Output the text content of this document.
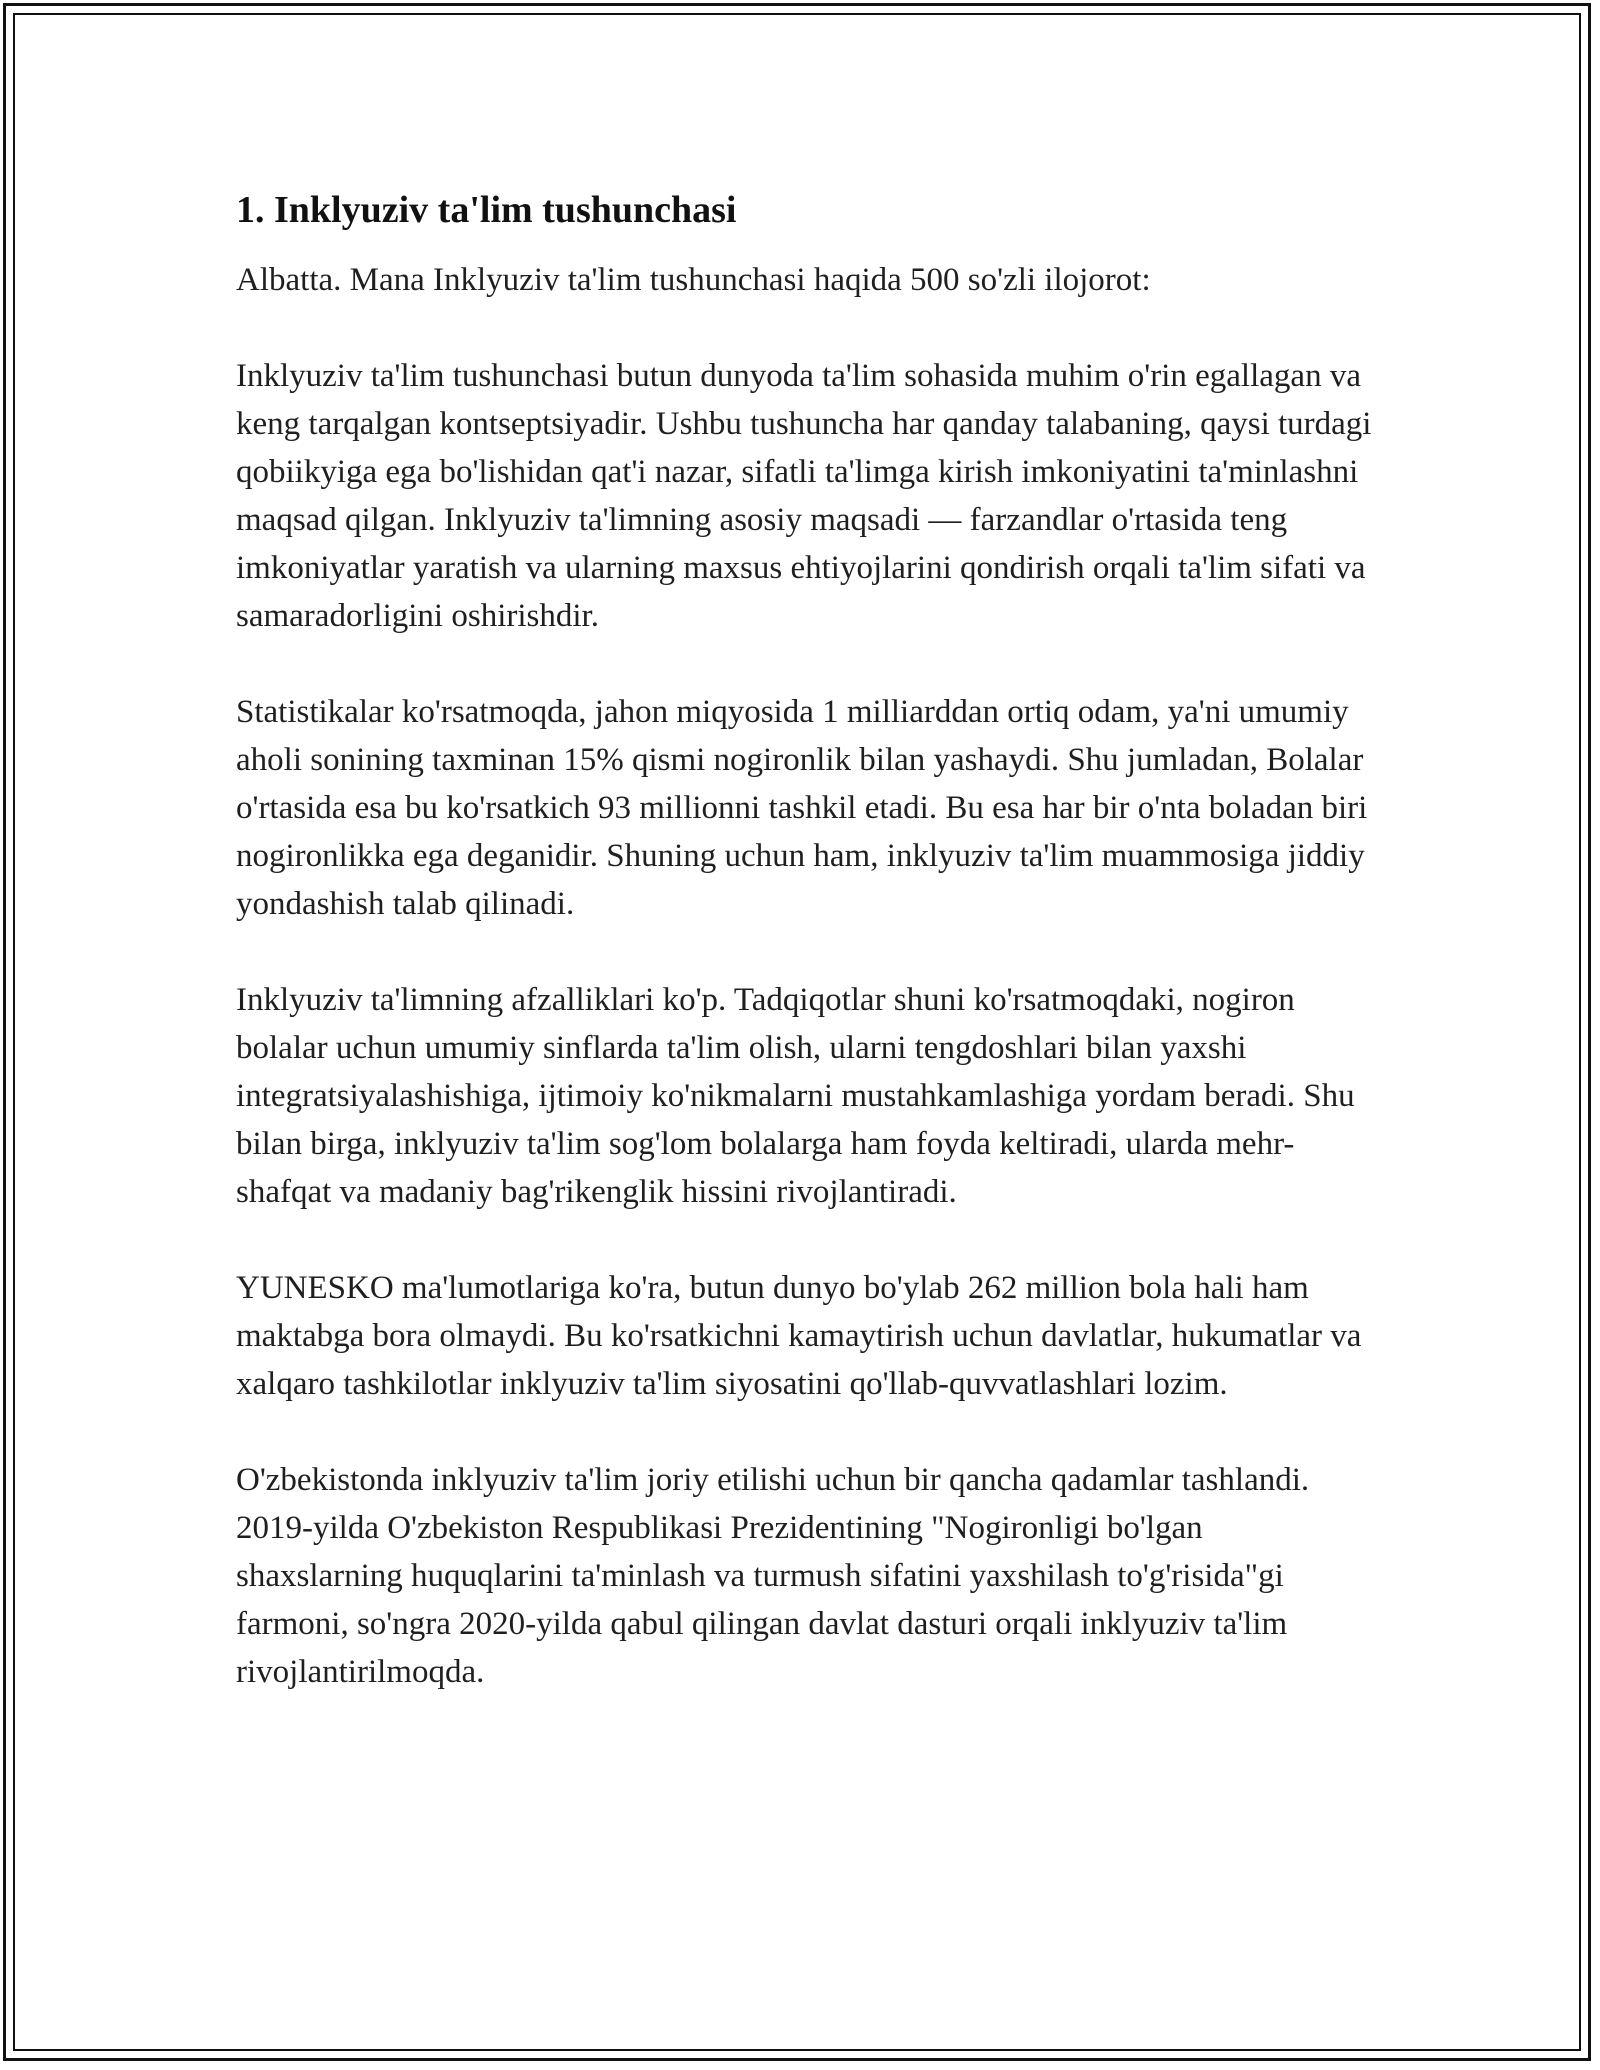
1. Inklyuziv ta'lim tushunchasi

Albatta. Mana Inklyuziv ta'lim tushunchasi haqida 500 so'zli ilojorot:

Inklyuziv ta'lim tushunchasi butun dunyoda ta'lim sohasida muhim o'rin egallagan va keng tarqalgan kontseptsiyadir. Ushbu tushuncha har qanday talabaning, qaysi turdagi qobiikyiga ega bo'lishidan qat'i nazar, sifatli ta'limga kirish imkoniyatini ta'minlashni maqsad qilgan. Inklyuziv ta'limning asosiy maqsadi — farzandlar o'rtasida teng imkoniyatlar yaratish va ularning maxsus ehtiyojlarini qondirish orqali ta'lim sifati va samaradorligini oshirishdir.

Statistikalar ko'rsatmoqda, jahon miqyosida 1 milliarddan ortiq odam, ya'ni umumiy aholi sonining taxminan 15% qismi nogironlik bilan yashaydi. Shu jumladan, Bolalar o'rtasida esa bu ko'rsatkich 93 millionni tashkil etadi. Bu esa har bir o'nta boladan biri nogironlikka ega deganidir. Shuning uchun ham, inklyuziv ta'lim muammosiga jiddiy yondashish talab qilinadi.

Inklyuziv ta'limning afzalliklari ko'p. Tadqiqotlar shuni ko'rsatmoqdaki, nogiron bolalar uchun umumiy sinflarda ta'lim olish, ularni tengdoshlari bilan yaxshi integratsiyalashishiga, ijtimoiy ko'nikmalarni mustahkamlashiga yordam beradi. Shu bilan birga, inklyuziv ta'lim sog'lom bolalarga ham foyda keltiradi, ularda mehr-shafqat va madaniy bag'rikenglik hissini rivojlantiradi.

YUNESKO ma'lumotlariga ko'ra, butun dunyo bo'ylab 262 million bola hali ham maktabga bora olmaydi. Bu ko'rsatkichni kamaytirish uchun davlatlar, hukumatlar va xalqaro tashkilotlar inklyuziv ta'lim siyosatini qo'llab-quvvatlashlari lozim.

O'zbekistonda inklyuziv ta'lim joriy etilishi uchun bir qancha qadamlar tashlandi. 2019-yilda O'zbekiston Respublikasi Prezidentining "Nogironligi bo'lgan shaxslarning huquqlarini ta'minlash va turmush sifatini yaxshilash to'g'risida"gi farmoni, so'ngra 2020-yilda qabul qilingan davlat dasturi orqali inklyuziv ta'lim rivojlantirilmoqda.
